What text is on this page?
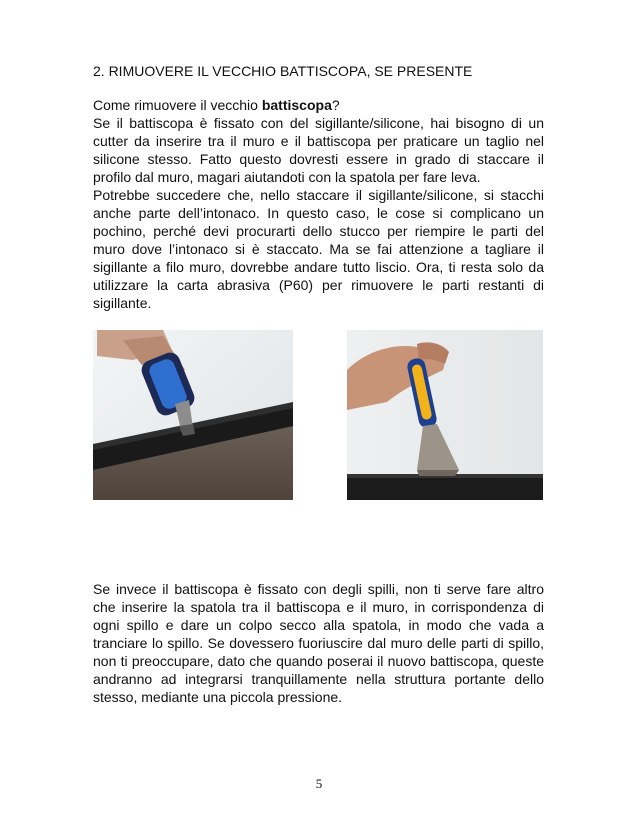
2. RIMUOVERE IL VECCHIO BATTISCOPA, SE PRESENTE
Come rimuovere il vecchio battiscopa?

Se il battiscopa è fissato con del sigillante/silicone, hai bisogno di un cutter da inserire tra il muro e il battiscopa per praticare un taglio nel silicone stesso. Fatto questo dovresti essere in grado di staccare il profilo dal muro, magari aiutandoti con la spatola per fare leva.

Potrebbe succedere che, nello staccare il sigillante/silicone, si stacchi anche parte dell’intonaco. In questo caso, le cose si complicano un pochino, perché devi procurarti dello stucco per riempire le parti del muro dove l’intonaco si è staccato. Ma se fai attenzione a tagliare il sigillante a filo muro, dovrebbe andare tutto liscio. Ora, ti resta solo da utilizzare la carta abrasiva (P60) per rimuovere le parti restanti di sigillante.

Se invece il battiscopa è fissato con degli spilli, non ti serve fare altro che inserire la spatola tra il battiscopa e il muro, in corrispondenza di ogni spillo e dare un colpo secco alla spatola, in modo che vada a tranciare lo spillo. Se dovessero fuoriuscire dal muro delle parti di spillo, non ti preoccupare, dato che quando poserai il nuovo battiscopa, queste andranno ad integrarsi tranquillamente nella struttura portante dello stesso, mediante una piccola pressione.

5
